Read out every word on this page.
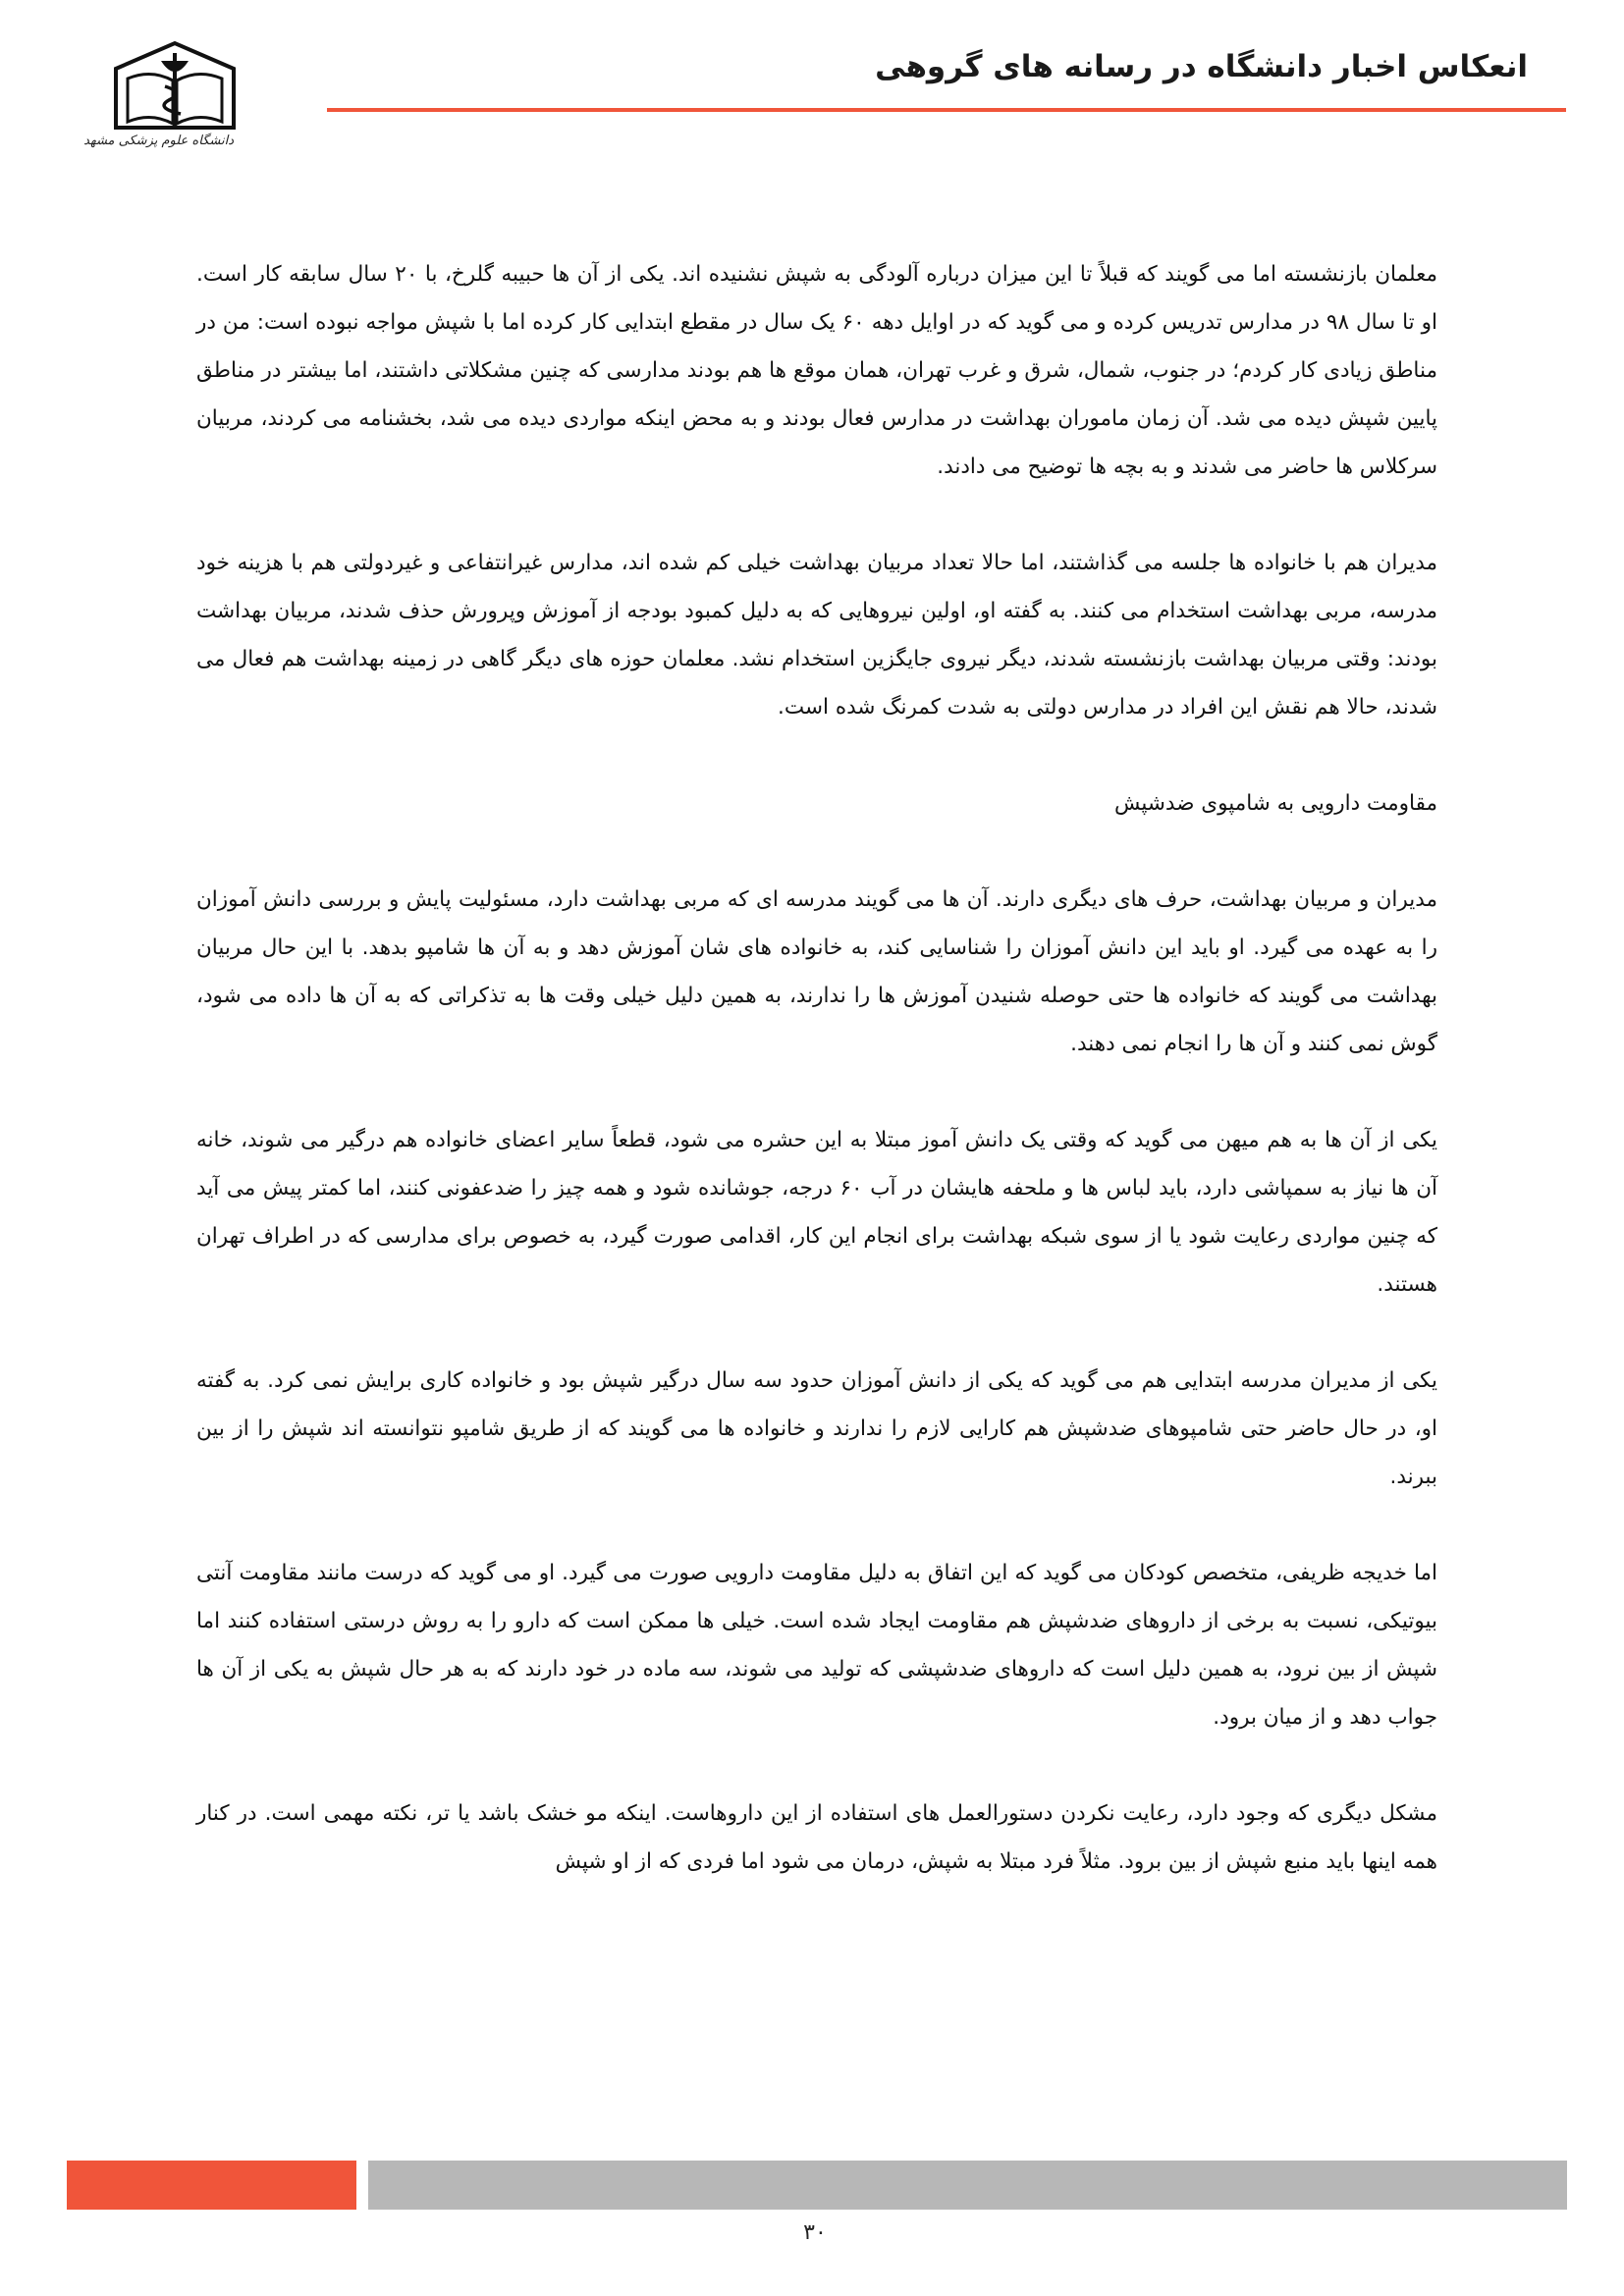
انعکاس اخبار دانشگاه در رسانه های گروهی
دانشگاه علوم پزشکی مشهد

معلمان بازنشسته اما می گویند که قبلاً تا این میزان درباره آلودگی به شپش نشنیده اند. یکی از آن ها حبیبه گلرخ، با ۲۰ سال سابقه کار است. او تا سال ۹۸ در مدارس تدریس کرده و می گوید که در اوایل دهه ۶۰ یک سال در مقطع ابتدایی کار کرده اما با شپش مواجه نبوده است: من در مناطق زیادی کار کردم؛ در جنوب، شمال، شرق و غرب تهران، همان موقع ها هم بودند مدارسی که چنین مشکلاتی داشتند، اما بیشتر در مناطق پایین شپش دیده می شد. آن زمان ماموران بهداشت در مدارس فعال بودند و به محض اینکه مواردی دیده می شد، بخشنامه می کردند، مربیان سرکلاس ها حاضر می شدند و به بچه ها توضیح می دادند.

مدیران هم با خانواده ها جلسه می گذاشتند، اما حالا تعداد مربیان بهداشت خیلی کم شده اند، مدارس غیرانتفاعی و غیردولتی هم با هزینه خود مدرسه، مربی بهداشت استخدام می کنند. به گفته او، اولین نیروهایی که به دلیل کمبود بودجه از آموزش وپرورش حذف شدند، مربیان بهداشت بودند: وقتی مربیان بهداشت بازنشسته شدند، دیگر نیروی جایگزین استخدام نشد. معلمان حوزه های دیگر گاهی در زمینه بهداشت هم فعال می شدند، حالا هم نقش این افراد در مدارس دولتی به شدت کمرنگ شده است.

مقاومت دارویی به شامپوی ضدشپش

مدیران و مربیان بهداشت، حرف های دیگری دارند. آن ها می گویند مدرسه ای که مربی بهداشت دارد، مسئولیت پایش و بررسی دانش آموزان را به عهده می گیرد. او باید این دانش آموزان را شناسایی کند، به خانواده های شان آموزش دهد و به آن ها شامپو بدهد. با این حال مربیان بهداشت می گویند که خانواده ها حتی حوصله شنیدن آموزش ها را ندارند، به همین دلیل خیلی وقت ها به تذکراتی که به آن ها داده می شود، گوش نمی کنند و آن ها را انجام نمی دهند.

یکی از آن ها به هم میهن می گوید که وقتی یک دانش آموز مبتلا به این حشره می شود، قطعاً سایر اعضای خانواده هم درگیر می شوند، خانه آن ها نیاز به سمپاشی دارد، باید لباس ها و ملحفه هایشان در آب ۶۰ درجه، جوشانده شود و همه چیز را ضدعفونی کنند، اما کمتر پیش می آید که چنین مواردی رعایت شود یا از سوی شبکه بهداشت برای انجام این کار، اقدامی صورت گیرد، به خصوص برای مدارسی که در اطراف تهران هستند.

یکی از مدیران مدرسه ابتدایی هم می گوید که یکی از دانش آموزان حدود سه سال درگیر شپش بود و خانواده کاری برایش نمی کرد. به گفته او، در حال حاضر حتی شامپوهای ضدشپش هم کارایی لازم را ندارند و خانواده ها می گویند که از طریق شامپو نتوانسته اند شپش را از بین ببرند.

اما خدیجه ظریفی، متخصص کودکان می گوید که این اتفاق به دلیل مقاومت دارویی صورت می گیرد. او می گوید که درست مانند مقاومت آنتی بیوتیکی، نسبت به برخی از داروهای ضدشپش هم مقاومت ایجاد شده است. خیلی ها ممکن است که دارو را به روش درستی استفاده کنند اما شپش از بین نرود، به همین دلیل است که داروهای ضدشپشی که تولید می شوند، سه ماده در خود دارند که به هر حال شپش به یکی از آن ها جواب دهد و از میان برود.

مشکل دیگری که وجود دارد، رعایت نکردن دستورالعمل های استفاده از این داروهاست. اینکه مو خشک باشد یا تر، نکته مهمی است. در کنار همه اینها باید منبع شپش از بین برود. مثلاً فرد مبتلا به شپش، درمان می شود اما فردی که از او شپش

۳۰
